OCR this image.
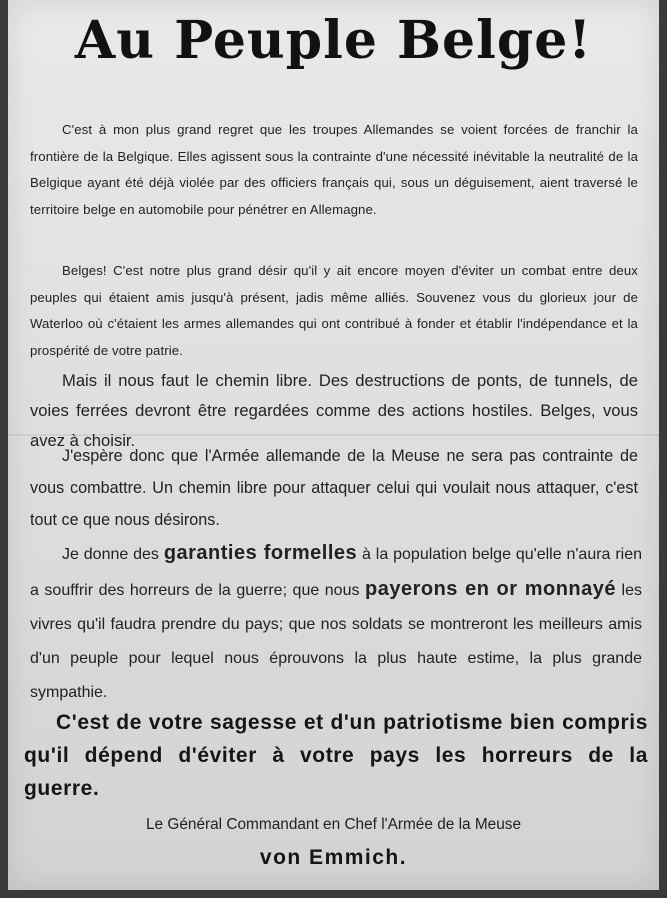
Au Peuple Belge!
C'est à mon plus grand regret que les troupes Allemandes se voient forcées de franchir la frontière de la Belgique. Elles agissent sous la contrainte d'une nécessité inévitable la neutralité de la Belgique ayant été déjà violée par des officiers français qui, sous un déguisement, aient traversé le territoire belge en automobile pour pénétrer en Allemagne.
Belges! C'est notre plus grand désir qu'il y ait encore moyen d'éviter un combat entre deux peuples qui étaient amis jusqu'à présent, jadis même alliés. Souvenez vous du glorieux jour de Waterloo où c'étaient les armes allemandes qui ont contribué à fonder et établir l'indépendance et la prospérité de votre patrie.
Mais il nous faut le chemin libre. Des destructions de ponts, de tunnels, de voies ferrées devront être regardées comme des actions hostiles. Belges, vous avez à choisir.
J'espère donc que l'Armée allemande de la Meuse ne sera pas contrainte de vous combattre. Un chemin libre pour attaquer celui qui voulait nous attaquer, c'est tout ce que nous désirons.
Je donne des garanties formelles à la population belge qu'elle n'aura rien a souffrir des horreurs de la guerre; que nous payerons en or monnayé les vivres qu'il faudra prendre du pays; que nos soldats se montreront les meilleurs amis d'un peuple pour lequel nous éprouvons la plus haute estime, la plus grande sympathie.
C'est de votre sagesse et d'un patriotisme bien compris qu'il dépend d'éviter à votre pays les horreurs de la guerre.
Le Général Commandant en Chef l'Armée de la Meuse
von Emmich.
